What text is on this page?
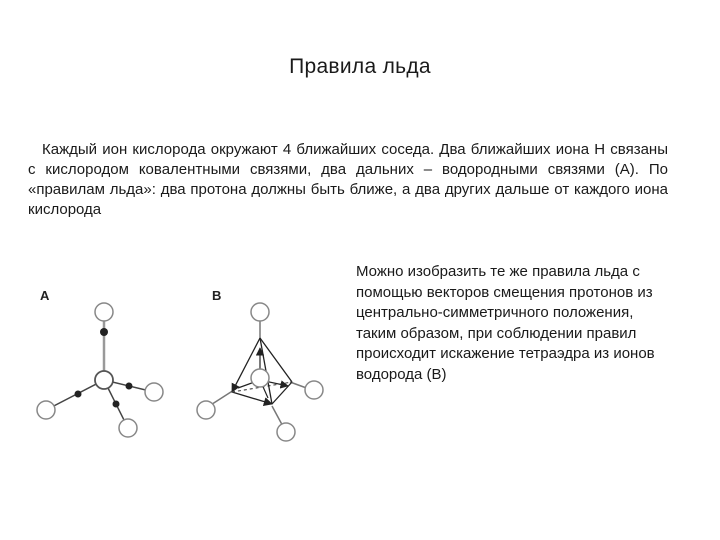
Правила льда
Каждый ион кислорода окружают 4 ближайших соседа. Два ближайших иона Н связаны с кислородом ковалентными связями, два дальних – водородными связями (А). По «правилам льда»: два протона должны быть ближе, а два других дальше от каждого иона кислорода
Можно изобразить те же правила льда с помощью векторов смещения протонов из центрально-симметричного положения, таким образом, при соблюдении правил происходит искажение тетраэдра из ионов водорода (В)
A	B
